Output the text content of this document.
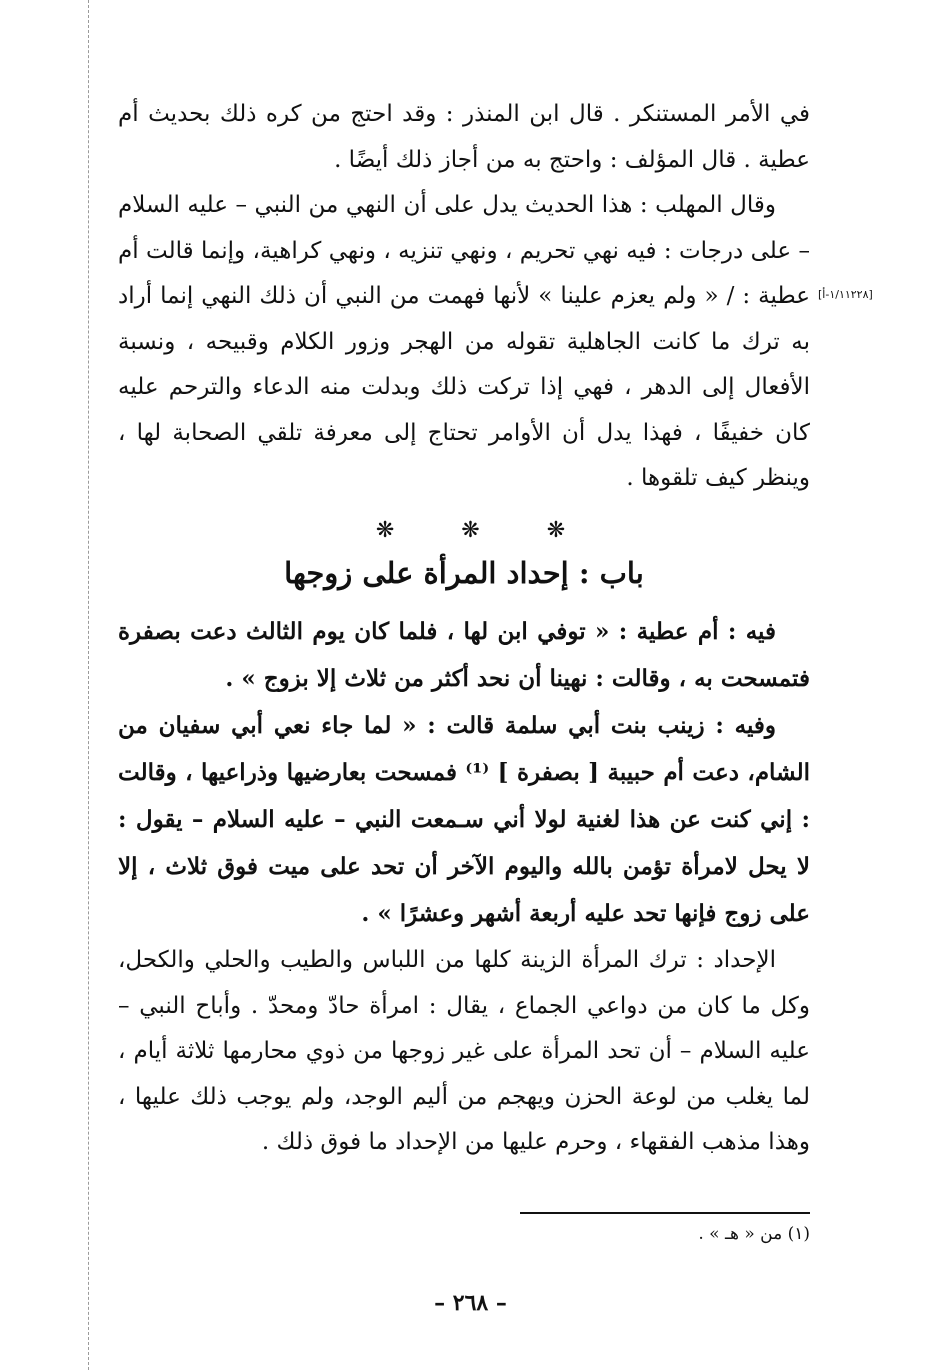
[١/١١٢٢٨-أ]

في الأمر المستنكر . قال ابن المنذر : وقد احتج من كره ذلك بحديث أم عطية . قال المؤلف : واحتج به من أجاز ذلك أيضًا .

وقال المهلب : هذا الحديث يدل على أن النهي من النبي – عليه السلام – على درجات : فيه نهي تحريم ، ونهي تنزيه ، ونهي كراهية، وإنما قالت أم عطية : / « ولم يعزم علينا » لأنها فهمت من النبي أن ذلك النهي إنما أراد به ترك ما كانت الجاهلية تقوله من الهجر وزور الكلام وقبيحه ، ونسبة الأفعال إلى الدهر ، فهي إذا تركت ذلك وبدلت منه الدعاء والترحم عليه كان خفيفًا ، فهذا يدل أن الأوامر تحتاج إلى معرفة تلقي الصحابة لها ، وينظر كيف تلقوها .

❋	❋	❋
باب : إحداد المرأة على زوجها

فيه : أم عطية : « توفي ابن لها ، فلما كان يوم الثالث دعت بصفرة فتمسحت به ، وقالت : نهينا أن نحد أكثر من ثلاث إلا بزوج » .

وفيه : زينب بنت أبي سلمة قالت : « لما جاء نعي أبي سفيان من الشام، دعت أم حبيبة [ بصفرة ] ⁽¹⁾ فمسحت بعارضيها وذراعيها ، وقالت : إني كنت عن هذا لغنية لولا أني سـمعت النبي – عليه السلام – يقول : لا يحل لامرأة تؤمن بالله واليوم الآخر أن تحد على ميت فوق ثلاث ، إلا على زوج فإنها تحد عليه أربعة أشهر وعشرًا » .

الإحداد : ترك المرأة الزينة كلها من اللباس والطيب والحلي والكحل، وكل ما كان من دواعي الجماع ، يقال : امرأة حادّ ومحدّ . وأباح النبي – عليه السلام – أن تحد المرأة على غير زوجها من ذوي محارمها ثلاثة أيام ، لما يغلب من لوعة الحزن ويهجم من أليم الوجد، ولم يوجب ذلك عليها ، وهذا مذهب الفقهاء ، وحرم عليها من الإحداد ما فوق ذلك .

(١) من « هـ » .
– ٢٦٨ –
